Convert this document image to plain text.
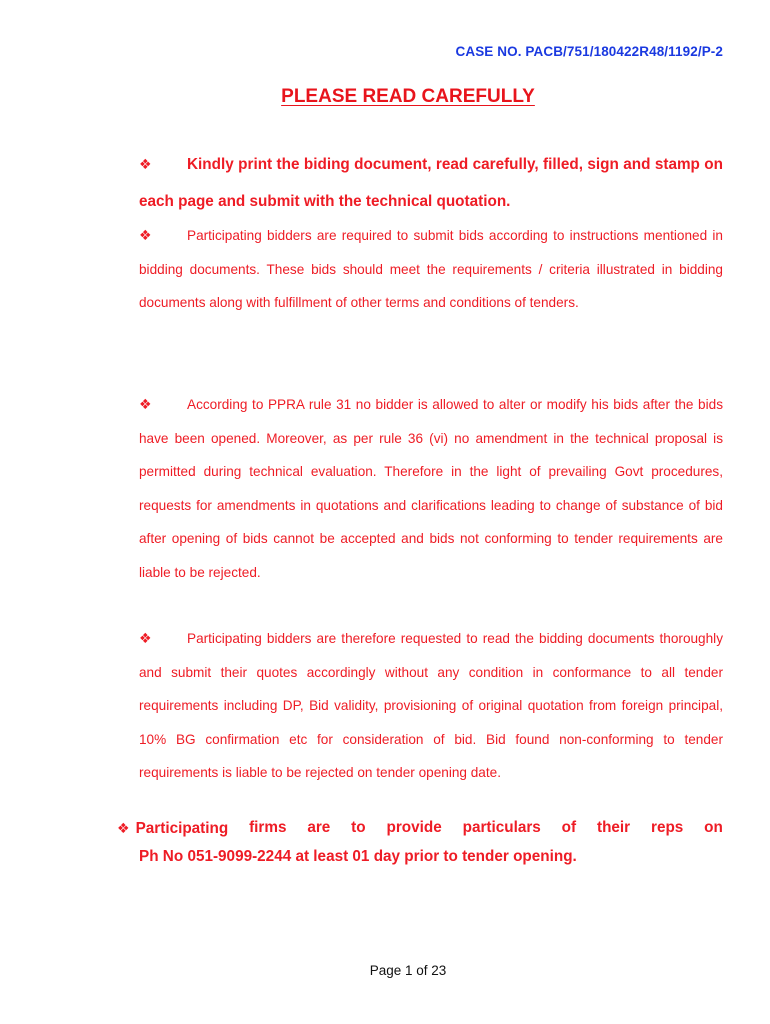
CASE NO. PACB/751/180422R48/1192/P-2
PLEASE READ CAREFULLY
❖ Kindly print the biding document, read carefully, filled, sign and stamp on each page and submit with the technical quotation.
❖	Participating bidders are required to submit bids according to instructions mentioned in bidding documents. These bids should meet the requirements / criteria illustrated in bidding documents along with fulfillment of other terms and conditions of tenders.
❖	According to PPRA rule 31 no bidder is allowed to alter or modify his bids after the bids have been opened. Moreover, as per rule 36 (vi) no amendment in the technical proposal is permitted during technical evaluation. Therefore in the light of prevailing Govt procedures, requests for amendments in quotations and clarifications leading to change of substance of bid after opening of bids cannot be accepted and bids not conforming to tender requirements are liable to be rejected.
❖	Participating bidders are therefore requested to read the bidding documents thoroughly and submit their quotes accordingly without any condition in conformance to all tender requirements including DP, Bid validity, provisioning of original quotation from foreign principal, 10% BG confirmation etc for consideration of bid. Bid found non-conforming to tender requirements is liable to be rejected on tender opening date.
❖ Participating firms are to provide particulars of their reps on
Ph No 051-9099-2244 at least 01 day prior to tender opening.
Page 1 of 23
